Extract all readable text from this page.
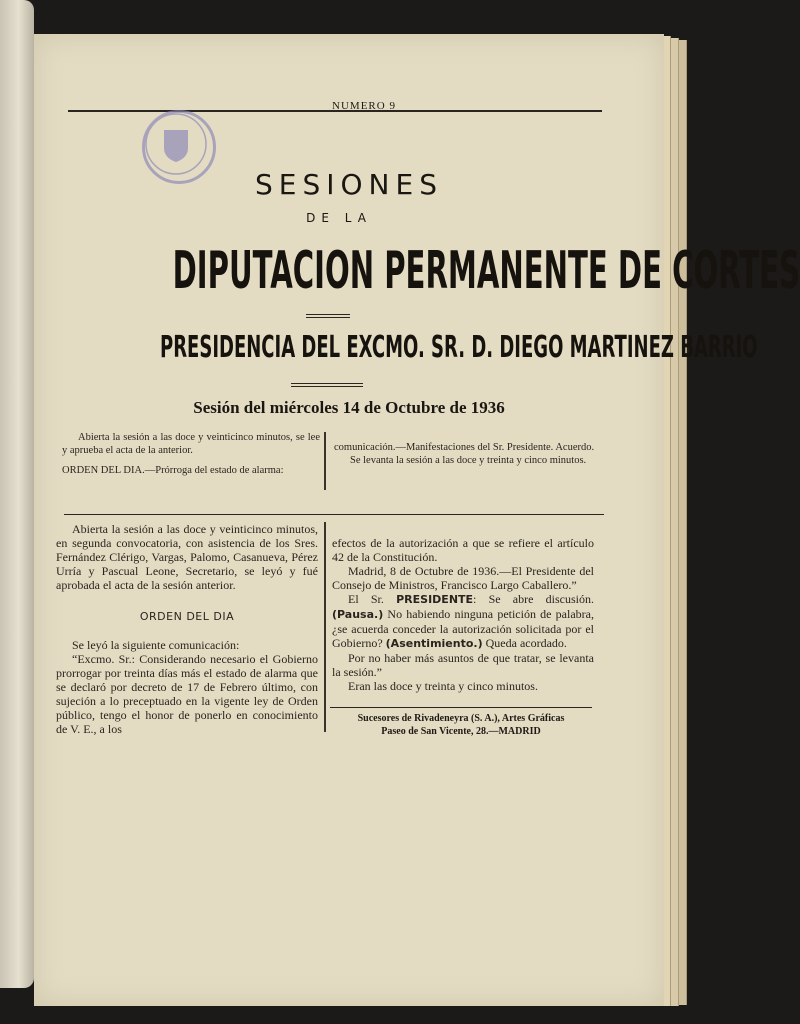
NUMERO 9
SESIONES
DE LA
DIPUTACION PERMANENTE DE CORTES
PRESIDENCIA DEL EXCMO. SR. D. DIEGO MARTINEZ BARRIO
Sesión del miércoles 14 de Octubre de 1936

Abierta la sesión a las doce y veinticinco minutos, se lee y aprueba el acta de la anterior.

ORDEN DEL DIA.—Prórroga del estado de alarma:

comunicación.—Manifestaciones del Sr. Presidente. Acuerdo.

Se levanta la sesión a las doce y treinta y cinco minutos.

Abierta la sesión a las doce y veinticinco minutos, en segunda convocatoria, con asistencia de los Sres. Fernández Clérigo, Vargas, Palomo, Casanueva, Pérez Urría y Pascual Leone, Secretario, se leyó y fué aprobada el acta de la sesión anterior.

ORDEN DEL DIA

Se leyó la siguiente comunicación:

“Excmo. Sr.: Considerando necesario el Gobierno prorrogar por treinta días más el estado de alarma que se declaró por decreto de 17 de Febrero último, con sujeción a lo preceptuado en la vigente ley de Orden público, tengo el honor de ponerlo en conocimiento de V. E., a los

efectos de la autorización a que se refiere el artículo 42 de la Constitución.

Madrid, 8 de Octubre de 1936.—El Presidente del Consejo de Ministros, Francisco Largo Caballero.”

El Sr. PRESIDENTE: Se abre discusión. (Pausa.) No habiendo ninguna petición de palabra, ¿se acuerda conceder la autorización solicitada por el Gobierno? (Asentimiento.) Queda acordado.

Por no haber más asuntos de que tratar, se levanta la sesión.”

Eran las doce y treinta y cinco minutos.

Sucesores de Rivadeneyra (S. A.), Artes Gráficas
Paseo de San Vicente, 28.—MADRID
